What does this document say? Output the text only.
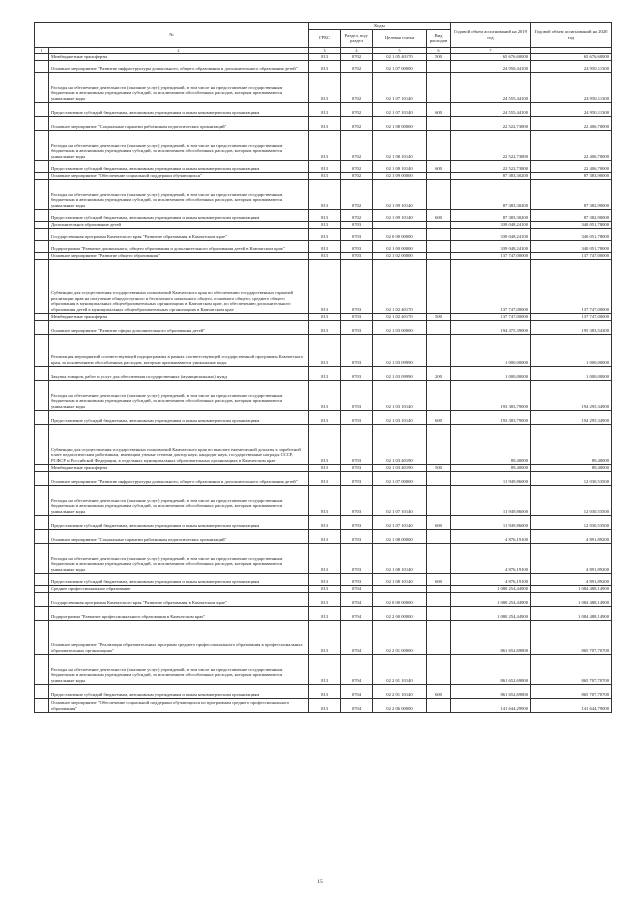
№		Коды				Годовой объем ассигнований на 2019 год	Годовой объем ассигнований на 2020 год
		ГРБС	Раздел, под-раздел	Целевая статья	Вид расходов		
1	2	3	4	5	6	7	
	Межбюджетные трансферты	813	0702	02 1 05 40170	500	65 676,60000	65 676,60000
	Основное мероприятие "Развитие инфраструктуры дошкольного, общего образования и дополнительного образования детей"	813	0702	02 1 07 00000		24 950,44100	24 950,11300
	Расходы на обеспечение деятельности (оказание услуг) учреждений, в том числе на предоставление государственным бюджетным и автономным учреждениям субсидий, за исключением обособленных расходов, которым присваиваются уникальные коды	813	0702	02 1 07 10140		24 555,44100	24 950,11300
	Предоставление субсидий бюджетным, автономным учреждениям и иным некоммерческим организациям	813	0702	02 1 07 10140	600	24 555,44100	24 950,11300
	Основное мероприятие "Социальные гарантии работникам педагогических организаций"	813	0702	02 1 08 00000		22 522,73800	22 406,70000
	Расходы на обеспечение деятельности (оказание услуг) учреждений, в том числе на предоставление государственным бюджетным и автономным учреждениям субсидий, за исключением обособленных расходов, которым присваиваются уникальные коды	813	0702	02 1 08 10140		22 522,73800	22 406,70000
	Предоставление субсидий бюджетным, автономным учреждениям и иным некоммерческим организациям	813	0702	02 1 08 10140	600	22 522,73800	22 406,70000
	Основное мероприятие "Обеспечение социальной поддержки обучающихся"	813	0702	02 1 09 00000		87 383,30200	87 383,90000
	Расходы на обеспечение деятельности (оказание услуг) учреждений, в том числе на предоставление государственным бюджетным и автономным учреждениям субсидий, за исключением обособленных расходов, которым присваиваются уникальные коды	813	0702	02 1 09 10140		87 383,30200	87 382,90000
	Предоставление субсидий бюджетным, автономным учреждениям и иным некоммерческим организациям	813	0702	02 1 09 10140	600	87 383,30200	87 382,90000
	Дополнительное образование детей	813	0703			339 048,24100	340 051,78000
	Государственная программа Камчатского края "Развитие образования в Камчатском крае"	813	0703	02 0 00 00000		339 048,24100	340 051,78000
	Подпрограмма "Развитие дошкольного, общего образования и дополнительного образования детей в Камчатском крае"	813	0703	02 1 00 00000		339 048,24100	340 051,78000
	Основное мероприятие "Развитие общего образования"	813	0703	02 1 02 00000		137 747,00000	137 747,00000
	Субвенции для осуществления государственных полномочий Камчатского края по обеспечению государственных гарантий реализации прав на получение общедоступного и бесплатного начального общего, основного общего, среднего общего образования в муниципальных общеобразовательных организациях в Камчатском крае, по обеспечению дополнительного образования детей в муниципальных общеобразовательных организациях в Камчатском крае	813	0703	02 1 02 40170		137 747,00000	137 747,00000
	Межбюджетные трансферты	813	0703	02 1 02 40170	500	137 747,00000	137 747,00000
	Основное мероприятие "Развитие сферы дополнительного образования детей"	813	0703	02 1 03 00000		194 475,39000	195 383,54300
	Реализация мероприятий соответствующей подпрограммы в рамках соответствующей государственной программы Камчатского края, за исключением обособленных расходов, которым присваиваются уникальные коды	813	0703	02 1 03 09990		1 000,00000	1 000,00000
	Закупка товаров, работ и услуг для обеспечения государственных (муниципальных) нужд	813	0703	02 1 03 09990	200	1 000,00000	1 000,00000
	Расходы на обеспечение деятельности (оказание услуг) учреждений, в том числе на предоставление государственным бюджетным и автономным учреждениям субсидий, за исключением обособленных расходов, которым присваиваются уникальные коды	813	0703	02 1 03 10140		193 383,79000	194 295,34900
	Предоставление субсидий бюджетным, автономным учреждениям и иным некоммерческим организациям	813	0703	02 1 03 10140	600	193 383,79000	194 295,34900
	Субвенции для осуществления государственных полномочий Камчатского края по выплате ежемесячной доплаты к заработной плате педагогическим работникам, имеющим ученые степени доктор наук, кандидат наук, государственные награды СССР, РСФСР и Российской Федерации, в отдельных муниципальных образовательных организациях в Камчатском крае	813	0703	02 1 03 40190		89,40000	89,40000
	Межбюджетные трансферты	813	0703	02 1 03 40190	500	89,40000	89,40000
	Основное мероприятие "Развитие инфраструктуры дошкольного, общего образования и дополнительного образования детей"	813	0703	02 1 07 00000		11 949,86000	12 030,53500
	Расходы на обеспечение деятельности (оказание услуг) учреждений, в том числе на предоставление государственным бюджетным и автономным учреждениям субсидий, за исключением обособленных расходов, которым присваиваются уникальные коды	813	0703	02 1 07 10140		11 949,86000	12 030,53500
	Предоставление субсидий бюджетным, автономным учреждениям и иным некоммерческим организациям	813	0703	02 1 07 10140	600	11 949,86000	12 030,53500
	Основное мероприятие "Социальные гарантии работникам педагогических организаций"	813	0703	02 1 08 00000		4 876,19100	4 891,89200
	Расходы на обеспечение деятельности (оказание услуг) учреждений, в том числе на предоставление государственным бюджетным и автономным учреждениям субсидий, за исключением обособленных расходов, которым присваиваются уникальные коды	813	0703	02 1 08 10140		4 876,19100	4 891,89200
	Предоставление субсидий бюджетным, автономным учреждениям и иным некоммерческим организациям	813	0703	02 1 08 10140	600	4 876,19100	4 891,89200
	Среднее профессиональное образование	813	0704			1 080 254,44900	1 084 488,14900
	Государственная программа Камчатского края "Развитие образования в Камчатском крае"	813	0704	02 0 00 00000		1 080 254,44900	1 084 488,14900
	Подпрограмма "Развитие профессионального образования в Камчатском крае"	813	0704	02 2 00 00000		1 080 254,44900	1 084 488,14900
	Основное мероприятие "Реализация образовательных программ среднего профессионального образования в профессиональных образовательных организациях"	813	0704	02 2 01 00000		861 652,69800	865 707,70700
	Расходы на обеспечение деятельности (оказание услуг) учреждений, в том числе на предоставление государственным бюджетным и автономным учреждениям субсидий, за исключением обособленных расходов, которым присваиваются уникальные коды	813	0704	02 2 01 10140		861 652,69800	865 707,70700
	Предоставление субсидий бюджетным, автономным учреждениям и иным некоммерческим организациям	813	0704	02 2 01 10140	600	861 652,69800	865 707,70700
	Основное мероприятие "Обеспечение социальной поддержки обучающихся по программам среднего профессионального образования"	813	0704	02 2 06 00000		141 644,29900	141 644,79000
15
